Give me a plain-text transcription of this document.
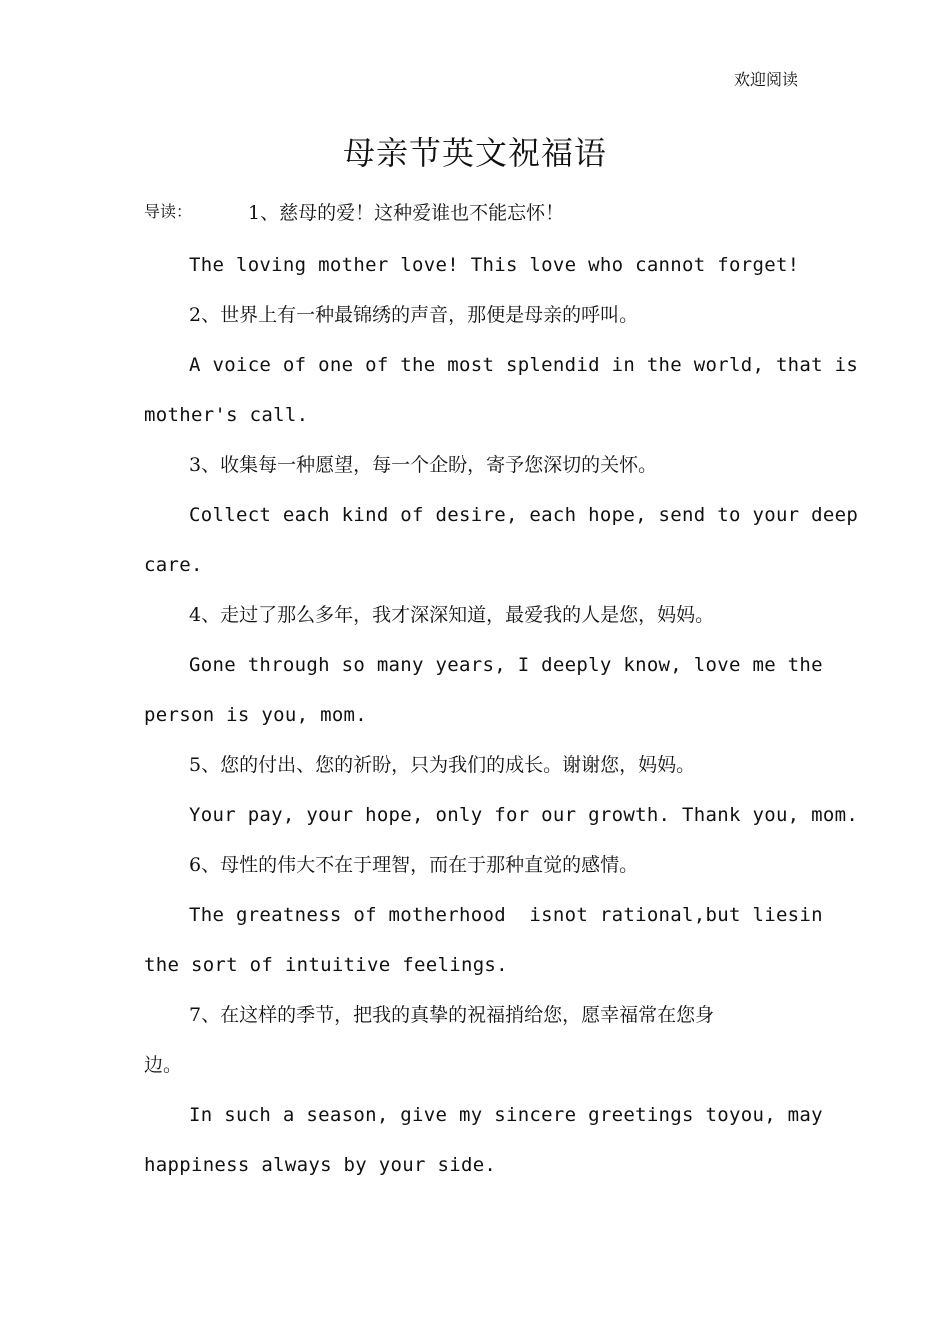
欢迎阅读
母亲节英文祝福语
导读：	1、慈母的爱！这种爱谁也不能忘怀！
The loving mother love! This love who cannot forget!
2、世界上有一种最锦绣的声音，那便是母亲的呼叫。
A voice of one of the most splendid in the world, that is
mother's call.
3、收集每一种愿望，每一个企盼，寄予您深切的关怀。
Collect each kind of desire, each hope, send to your deep
care.
4、走过了那么多年，我才深深知道，最爱我的人是您，妈妈。
Gone through so many years, I deeply know, love me the
person is you, mom.
5、您的付出、您的祈盼，只为我们的成长。谢谢您，妈妈。
Your pay, your hope, only for our growth. Thank you, mom.
6、母性的伟大不在于理智，而在于那种直觉的感情。
The greatness of motherhood  isnot rational,but liesin
the sort of intuitive feelings.
7、在这样的季节，把我的真挚的祝福捎给您，愿幸福常在您身
边。
In such a season, give my sincere greetings toyou, may
happiness always by your side.
